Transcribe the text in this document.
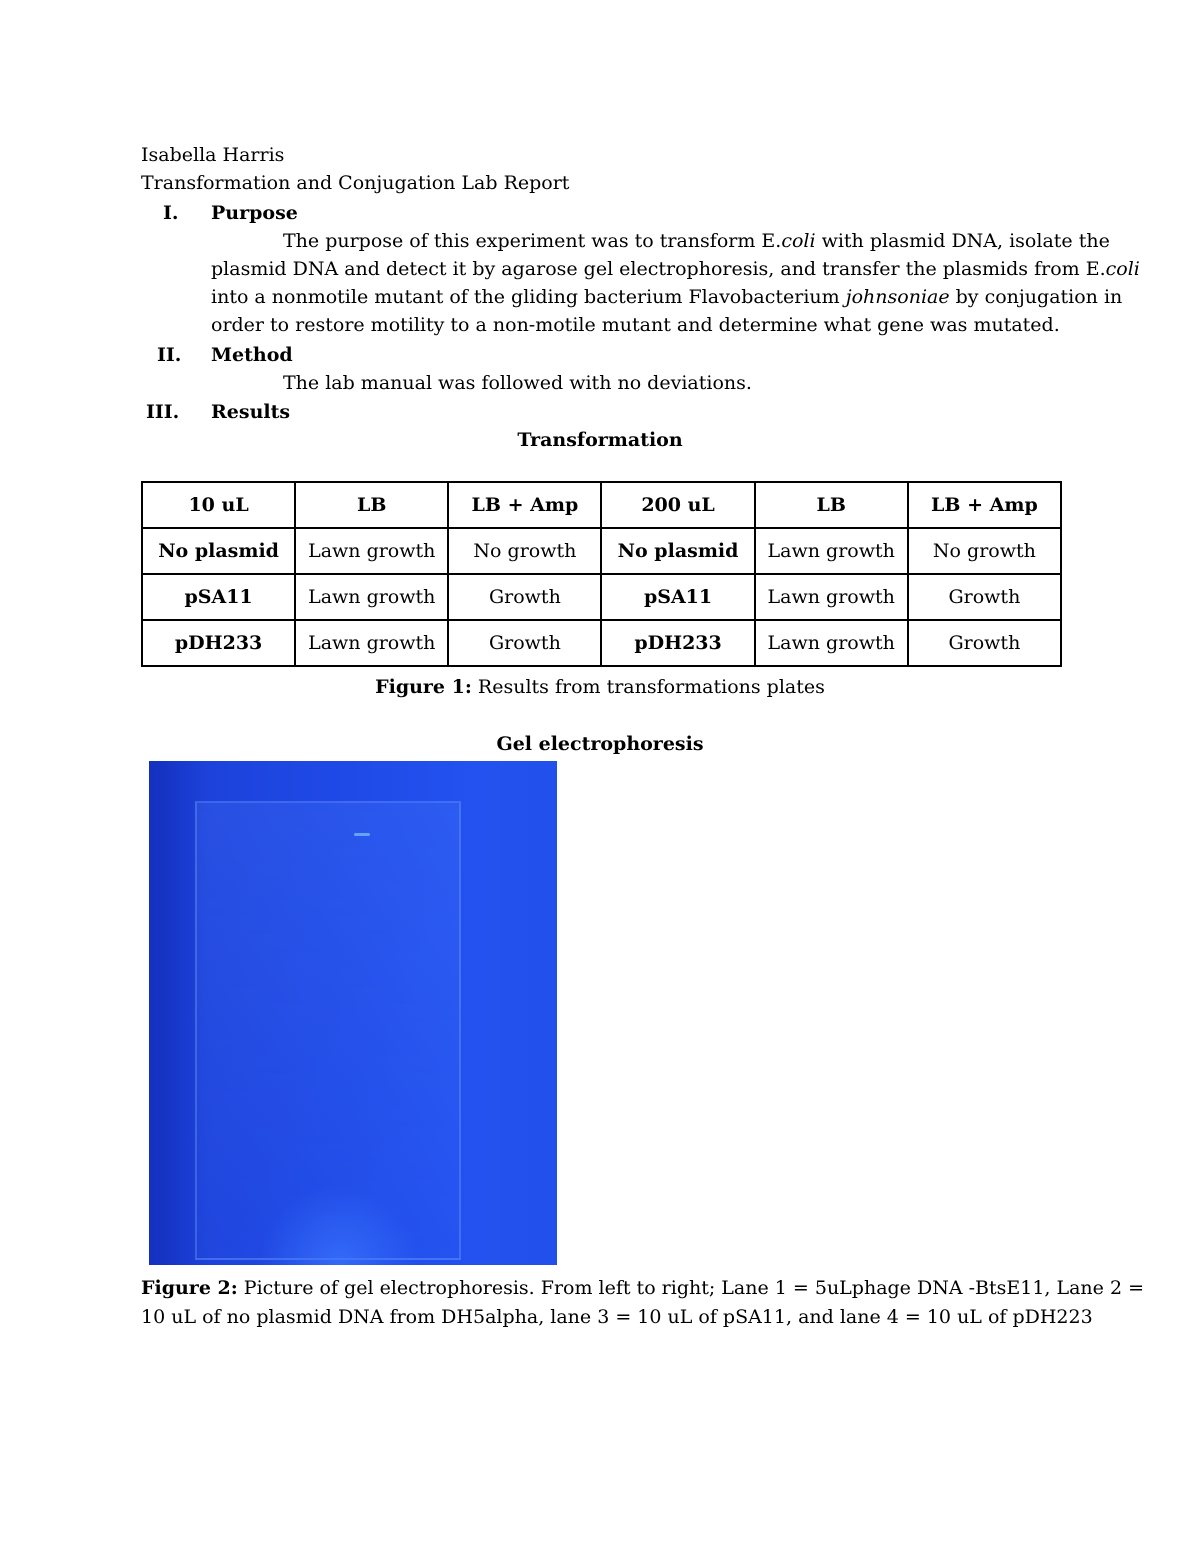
Isabella Harris
Transformation and Conjugation Lab Report
I. Purpose
The purpose of this experiment was to transform E.coli with plasmid DNA, isolate the
plasmid DNA and detect it by agarose gel electrophoresis, and transfer the plasmids from E.coli
into a nonmotile mutant of the gliding bacterium Flavobacterium johnsoniae by conjugation in
order to restore motility to a non-motile mutant and determine what gene was mutated.
II. Method
The lab manual was followed with no deviations.
III. Results
Transformation
10 uL	LB	LB + Amp	200 uL	LB	LB + Amp
No plasmid	Lawn growth	No growth	No plasmid	Lawn growth	No growth
pSA11	Lawn growth	Growth	pSA11	Lawn growth	Growth
pDH233	Lawn growth	Growth	pDH233	Lawn growth	Growth
Figure 1: Results from transformations plates
Gel electrophoresis
Figure 2: Picture of gel electrophoresis. From left to right; Lane 1 = 5uLphage DNA -BtsE11, Lane 2 =
10 uL of no plasmid DNA from DH5alpha, lane 3 = 10 uL of pSA11, and lane 4 = 10 uL of pDH223
